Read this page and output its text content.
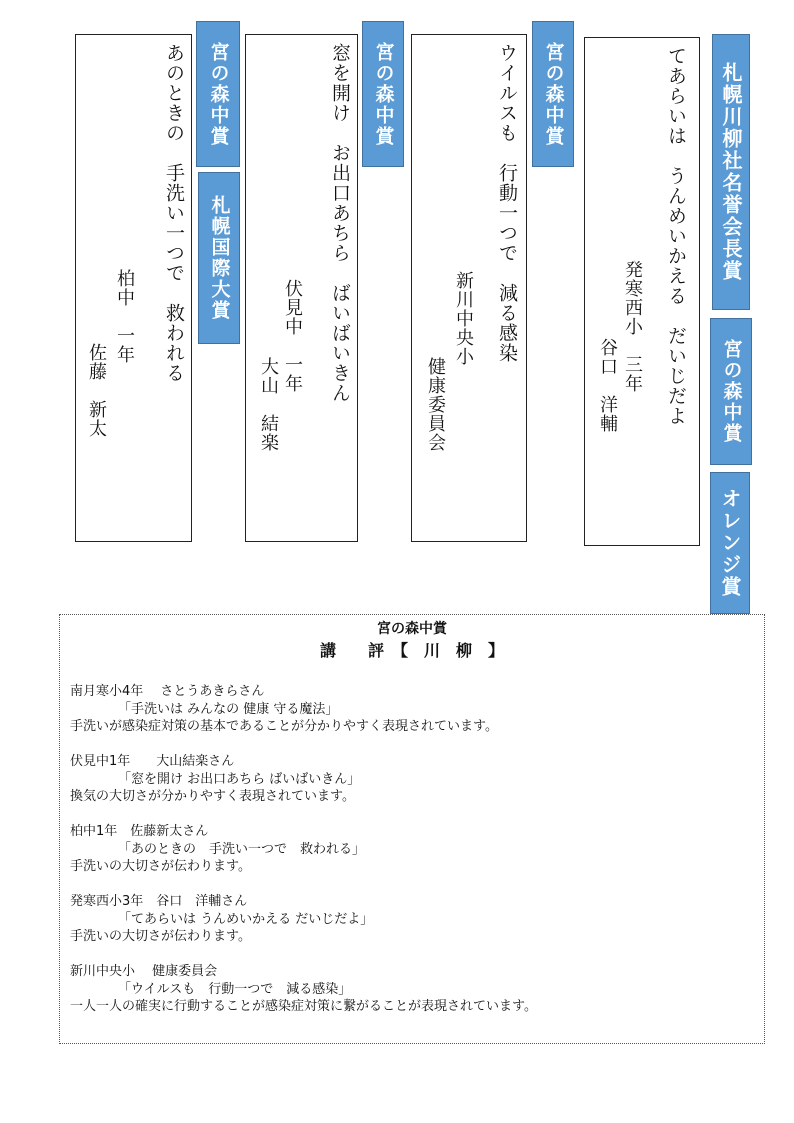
てあらいは　うんめいかえる　だいじだよ
発寒西小　三年
谷口　洋輔
札幌川柳社名誉会長賞
宮の森中賞
オレンジ賞
ウイルスも　行動一つで　減る感染
新川中央小
健康委員会
宮の森中賞
窓を開け　お出口あちら　ばいばいきん
伏見中　一年
大山　結楽
宮の森中賞
あのときの　手洗い一つで　救われる
柏中　一年
佐藤　新太
宮の森中賞
札幌国際大賞
宮の森中賞
講　　評　【　川　柳　】
南月寒小4年　 さとうあきらさん
「手洗いは みんなの 健康 守る魔法」
手洗いが感染症対策の基本であることが分かりやすく表現されています。
伏見中1年　　大山結楽さん
「窓を開け お出口あちら ばいばいきん」
換気の大切さが分かりやすく表現されています。
柏中1年　佐藤新太さん
「あのときの　手洗い一つで　救われる」
手洗いの大切さが伝わります。
発寒西小3年　谷口　洋輔さん
「てあらいは うんめいかえる だいじだよ」
手洗いの大切さが伝わります。
新川中央小　 健康委員会
「ウイルスも　行動一つで　減る感染」
一人一人の確実に行動することが感染症対策に繋がることが表現されています。
